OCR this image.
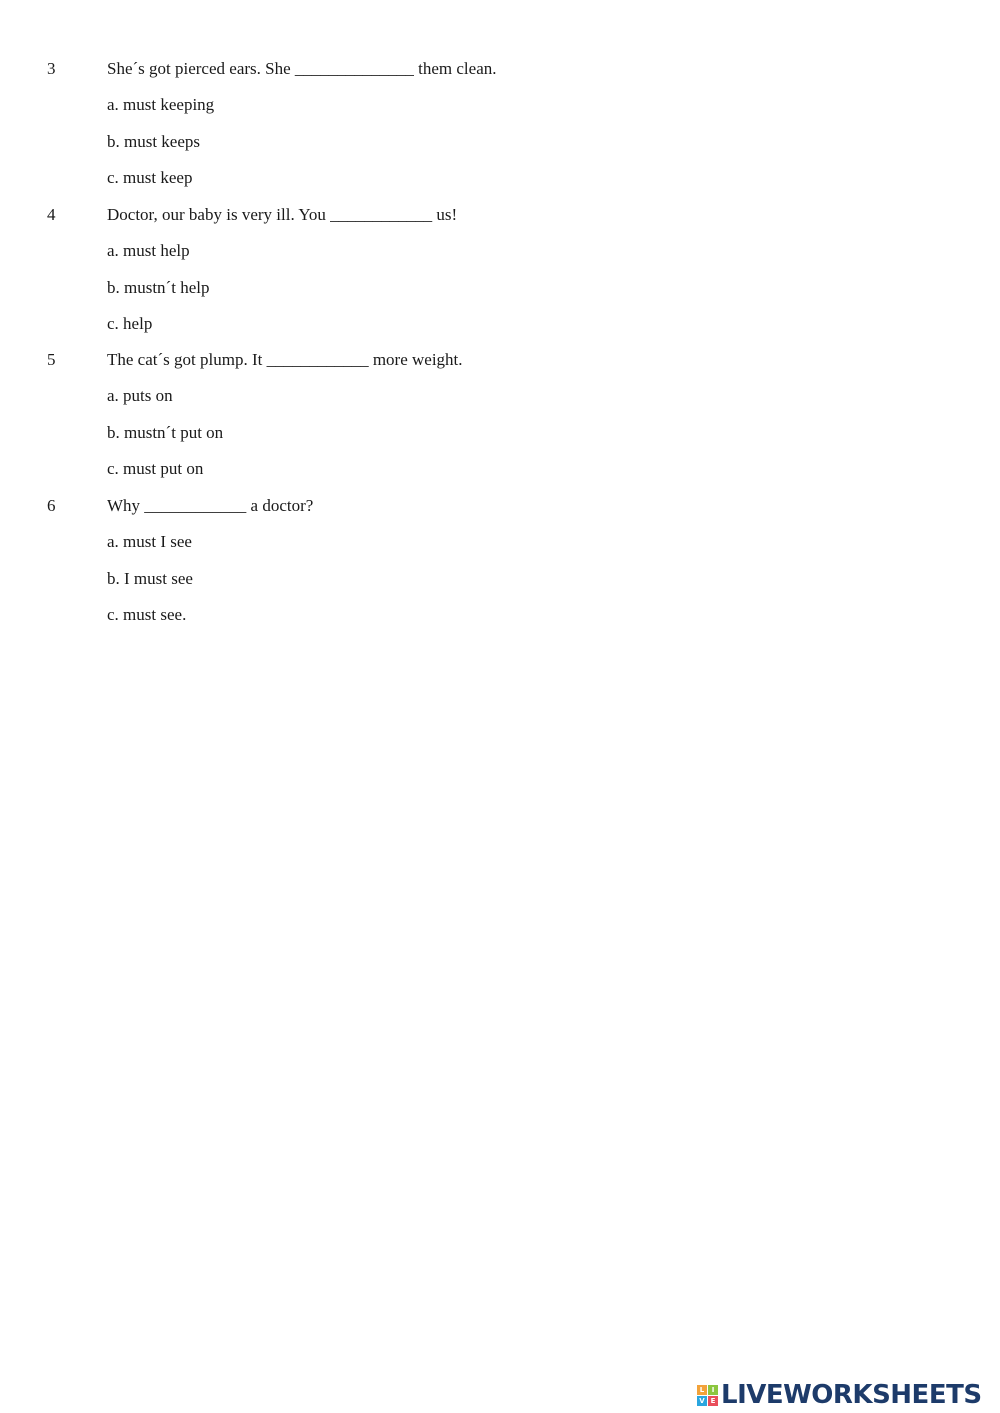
3	She´s got pierced ears. She ______________ them clean.
a. must keeping
b. must keeps
c. must keep
4	Doctor, our baby is very ill. You ____________ us!
a. must help
b. mustn´t help
c. help
5	The cat´s got plump. It ____________ more weight.
a. puts on
b. mustn´t put on
c. must put on
6	Why ____________ a doctor?
a. must I see
b. I must see
c. must see.
L	I
V E LIVEWORKSHEETS
